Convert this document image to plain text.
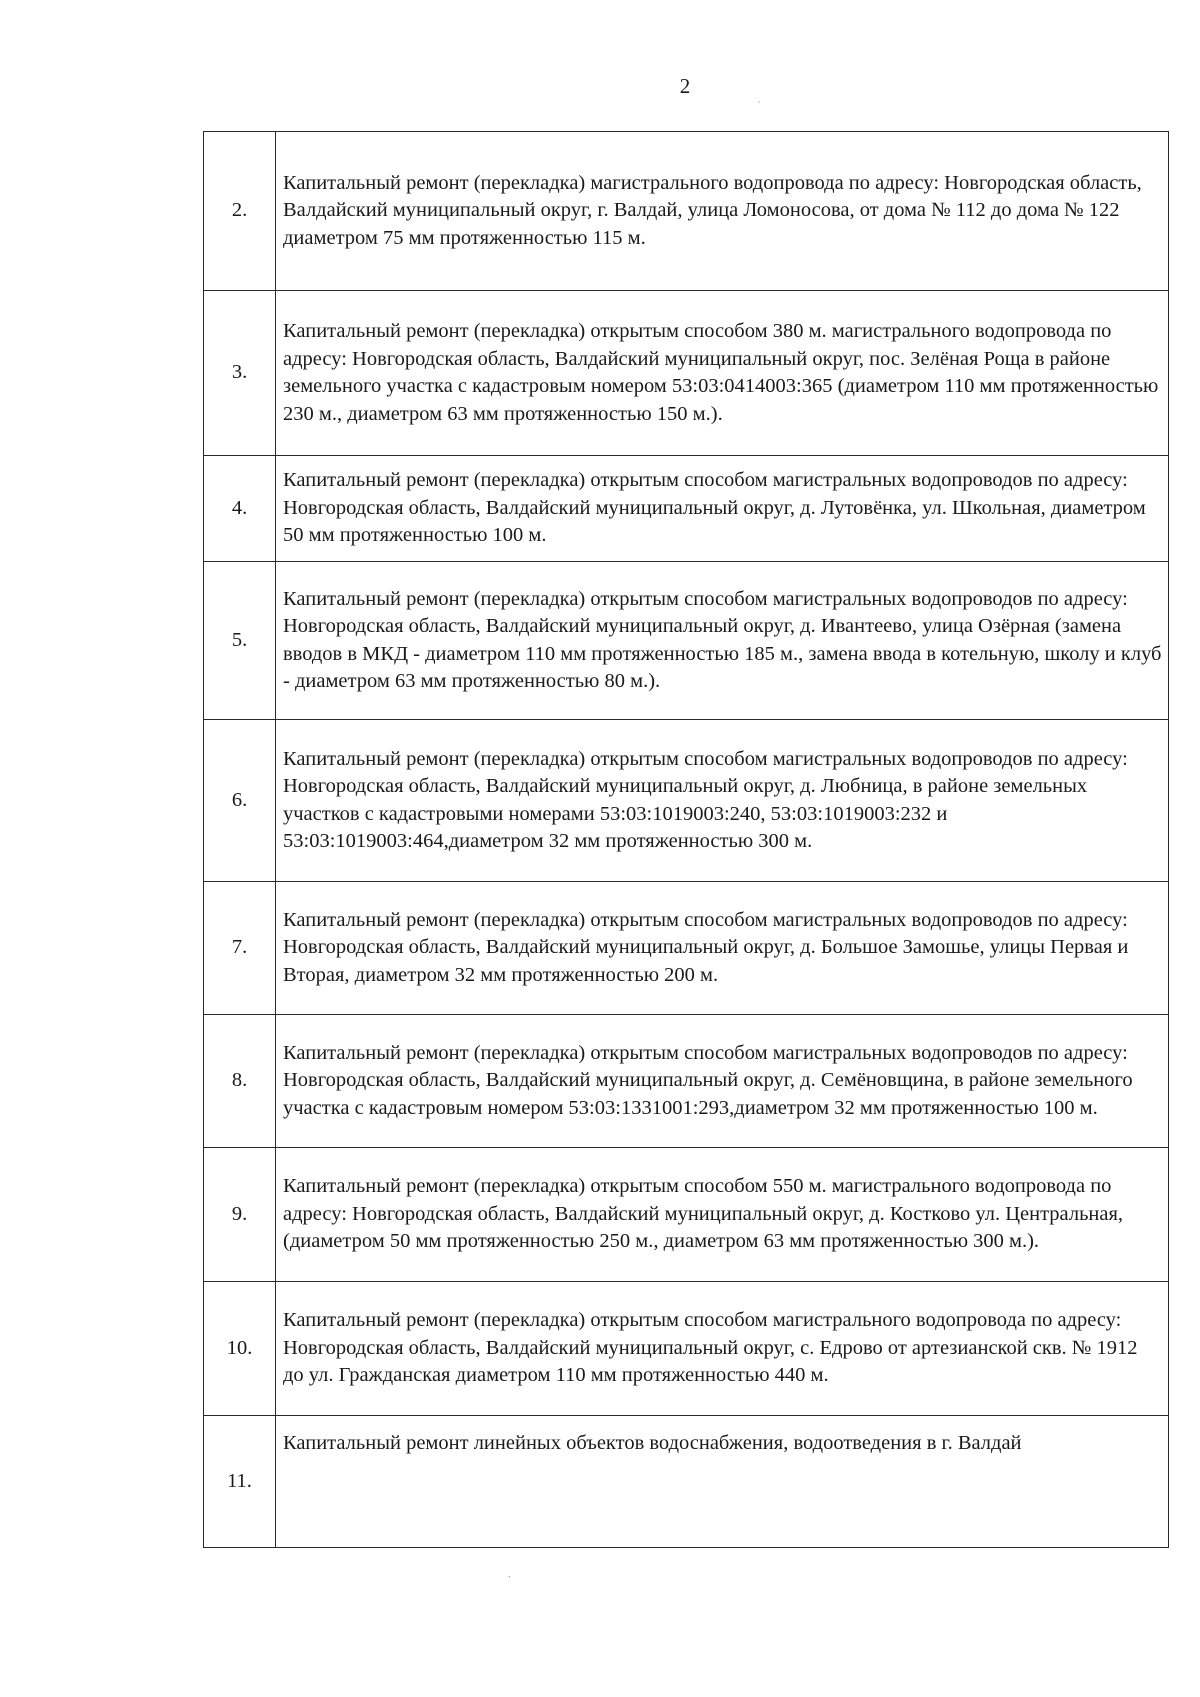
2
2.	Капитальный ремонт (перекладка) магистрального водопровода по адресу: Новгородская область, Валдайский муниципальный округ, г. Валдай, улица Ломоносова, от дома № 112 до дома № 122 диаметром 75 мм протяженностью 115 м.
3.	Капитальный ремонт (перекладка) открытым способом 380 м. магистрального водопровода по адресу: Новгородская область, Валдайский муниципальный округ, пос. Зелёная Роща в районе земельного участка с кадастровым номером 53:03:0414003:365 (диаметром 110 мм протяженностью 230 м., диаметром 63 мм протяженностью 150 м.).
4.	Капитальный ремонт (перекладка) открытым способом магистральных водопроводов по адресу: Новгородская область, Валдайский муниципальный округ, д. Лутовёнка, ул. Школьная, диаметром 50 мм протяженностью 100 м.
5.	Капитальный ремонт (перекладка) открытым способом магистральных водопроводов по адресу: Новгородская область, Валдайский муниципальный округ, д. Ивантеево, улица Озёрная (замена вводов в МКД - диаметром 110 мм протяженностью 185 м., замена ввода в котельную, школу и клуб - диаметром 63 мм протяженностью 80 м.).
6.	Капитальный ремонт (перекладка) открытым способом магистральных водопроводов по адресу: Новгородская область, Валдайский муниципальный округ, д. Любница, в районе земельных участков с кадастровыми номерами 53:03:1019003:240, 53:03:1019003:232 и 53:03:1019003:464,диаметром 32 мм протяженностью 300 м.
7.	Капитальный ремонт (перекладка) открытым способом магистральных водопроводов по адресу: Новгородская область, Валдайский муниципальный округ, д. Большое Замошье, улицы Первая и Вторая, диаметром 32 мм протяженностью 200 м.
8.	Капитальный ремонт (перекладка) открытым способом магистральных водопроводов по адресу: Новгородская область, Валдайский муниципальный округ, д. Семёновщина, в районе земельного участка с кадастровым номером 53:03:1331001:293,диаметром 32 мм протяженностью 100 м.
9.	Капитальный ремонт (перекладка) открытым способом 550 м. магистрального водопровода по адресу: Новгородская область, Валдайский муниципальный округ, д. Костково ул. Центральная, (диаметром 50 мм протяженностью 250 м., диаметром 63 мм протяженностью 300 м.).
10.	Капитальный ремонт (перекладка) открытым способом магистрального водопровода по адресу: Новгородская область, Валдайский муниципальный округ, с. Едрово от артезианской скв. № 1912 до ул. Гражданская диаметром 110 мм протяженностью 440 м.
11.	Капитальный ремонт линейных объектов водоснабжения, водоотведения в г. Валдай
ˊ
ˑ
